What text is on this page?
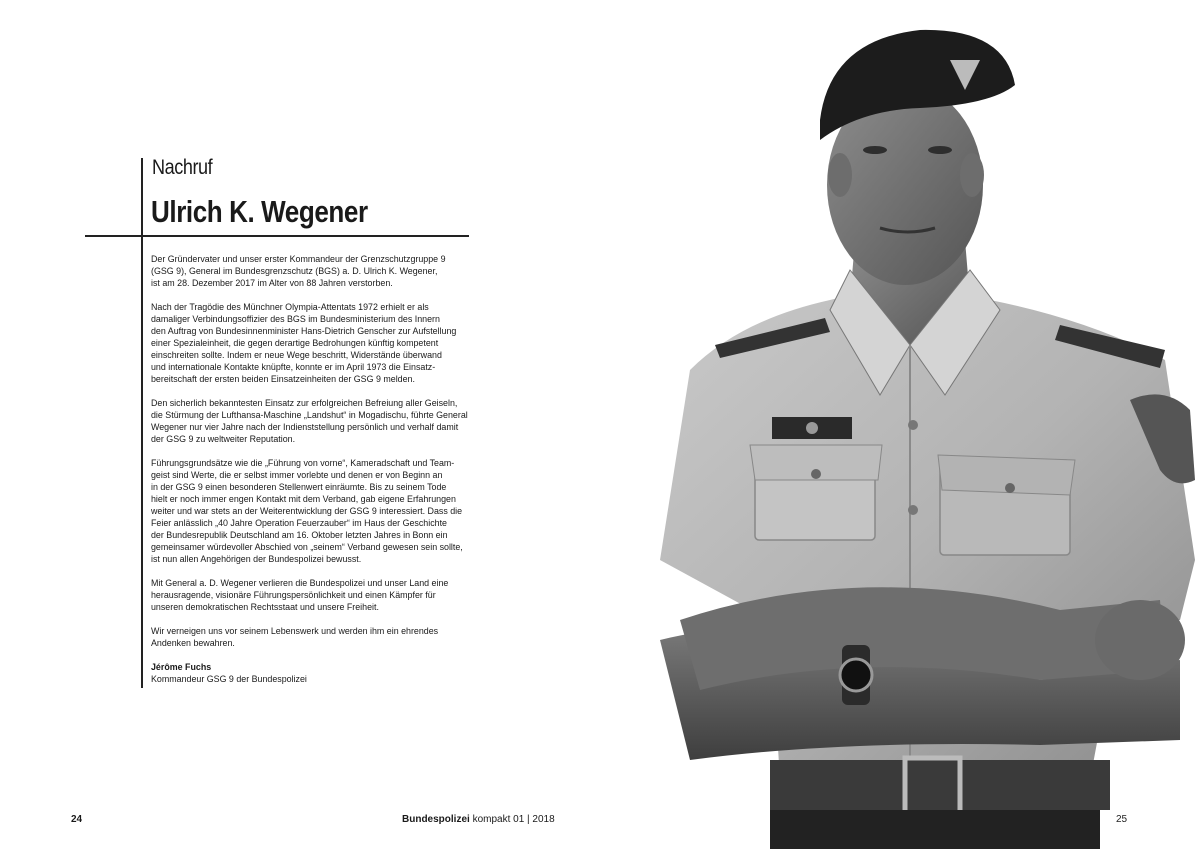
Nachruf
Ulrich K. Wegener

Der Gründervater und unser erster Kommandeur der Grenzschutzgruppe 9
(GSG 9), General im Bundesgrenzschutz (BGS) a. D. Ulrich K. Wegener,
ist am 28. Dezember 2017 im Alter von 88 Jahren verstorben.

Nach der Tragödie des Münchner Olympia-Attentats 1972 erhielt er als
damaliger Verbindungsoffizier des BGS im Bundesministerium des Innern
den Auftrag von Bundesinnenminister Hans-Dietrich Genscher zur Aufstellung
einer Spezialeinheit, die gegen derartige Bedrohungen künftig kompetent
einschreiten sollte. Indem er neue Wege beschritt, Widerstände überwand
und internationale Kontakte knüpfte, konnte er im April 1973 die Einsatz-
bereitschaft der ersten beiden Einsatzeinheiten der GSG 9 melden.

Den sicherlich bekanntesten Einsatz zur erfolgreichen Befreiung aller Geiseln,
die Stürmung der Lufthansa-Maschine „Landshut“ in Mogadischu, führte General
Wegener nur vier Jahre nach der Indienststellung persönlich und verhalf damit
der GSG 9 zu weltweiter Reputation.

Führungsgrundsätze wie die „Führung von vorne“, Kameradschaft und Team-
geist sind Werte, die er selbst immer vorlebte und denen er von Beginn an
in der GSG 9 einen besonderen Stellenwert einräumte. Bis zu seinem Tode
hielt er noch immer engen Kontakt mit dem Verband, gab eigene Erfahrungen
weiter und war stets an der Weiterentwicklung der GSG 9 interessiert. Dass die
Feier anlässlich „40 Jahre Operation Feuerzauber“ im Haus der Geschichte
der Bundesrepublik Deutschland am 16. Oktober letzten Jahres in Bonn ein
gemeinsamer würdevoller Abschied von „seinem“ Verband gewesen sein sollte,
ist nun allen Angehörigen der Bundespolizei bewusst.

Mit General a. D. Wegener verlieren die Bundespolizei und unser Land eine
herausragende, visionäre Führungspersönlichkeit und einen Kämpfer für
unseren demokratischen Rechtsstaat und unsere Freiheit.

Wir verneigen uns vor seinem Lebenswerk und werden ihm ein ehrendes
Andenken bewahren.

Jérôme Fuchs
Kommandeur GSG 9 der Bundespolizei
24	Bundespolizei kompakt 01 | 2018	25
